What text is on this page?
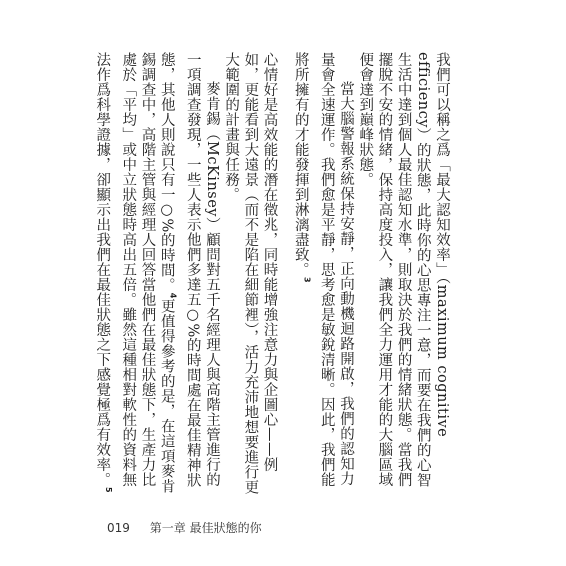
我們可以稱之爲「最大認知效率」（maximum cognitive efficiency）的狀態，此時你的心思專注一意，而要在我們的心智生活中達到個人最佳認知水準，則取決於我們的情緒狀態。當我們擺脫不安的情緒，保持高度投入，讓我們全力運用才能的大腦區域便會達到巔峰狀態。

當大腦警報系統保持安靜，正向動機迴路開啟，我們的認知力量會全速運作。我們愈是平靜，思考愈是敏銳清晰。因此，我們能將所擁有的才能發揮到淋漓盡致。$^3$

心情好是高效能的潛在徵兆，同時能增強注意力與企圖心——例如，更能看到大遠景（而不是陷在細節裡），活力充沛地想要進行更大範圍的計畫與任務。

麥肯錫（McKinsey）顧問對五千名經理人與高階主管進行的一項調查發現，一些人表示他們多達五○%的時間處在最佳精神狀態，其他人則說只有一○%的時間。$^4$更值得參考的是，在這項麥肯錫調查中，高階主管與經理人回答當他們在最佳狀態下，生產力比處於「平均」或中立狀態時高出五倍。雖然這種相對軟性的資料無法作爲科學證據，卻顯示出我們在最佳狀態之下感覺極爲有效率。$^5$

019 第一章 最佳狀態的你
